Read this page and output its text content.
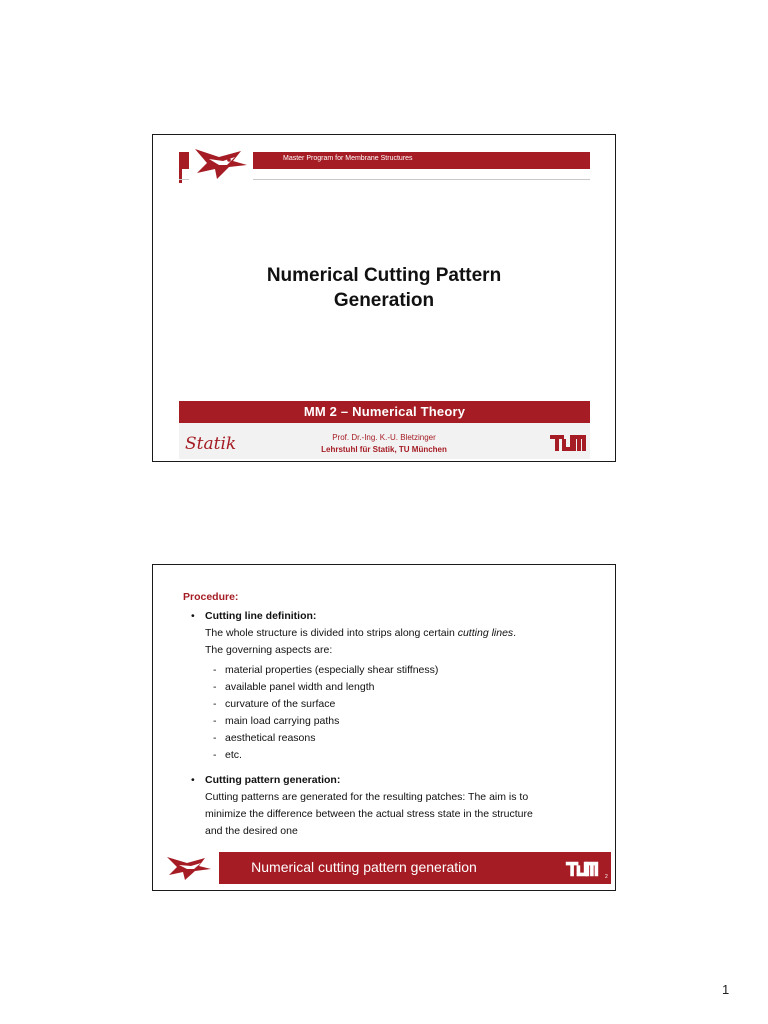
Master Program for Membrane Structures
Numerical Cutting Pattern
Generation
MM 2 – Numerical Theory
Statik	Prof. Dr.-Ing. K.-U. Bletzinger
Lehrstuhl für Statik, TU München
Procedure:
• Cutting line definition:
The whole structure is divided into strips along certain cutting lines.
The governing aspects are:
- material properties (especially shear stiffness)
- available panel width and length
- curvature of the surface
- main load carrying paths
- aesthetical reasons
- etc.
• Cutting pattern generation:
Cutting patterns are generated for the resulting patches: The aim is to
minimize the difference between the actual stress state in the structure
and the desired one
Numerical cutting pattern generation
2
1
